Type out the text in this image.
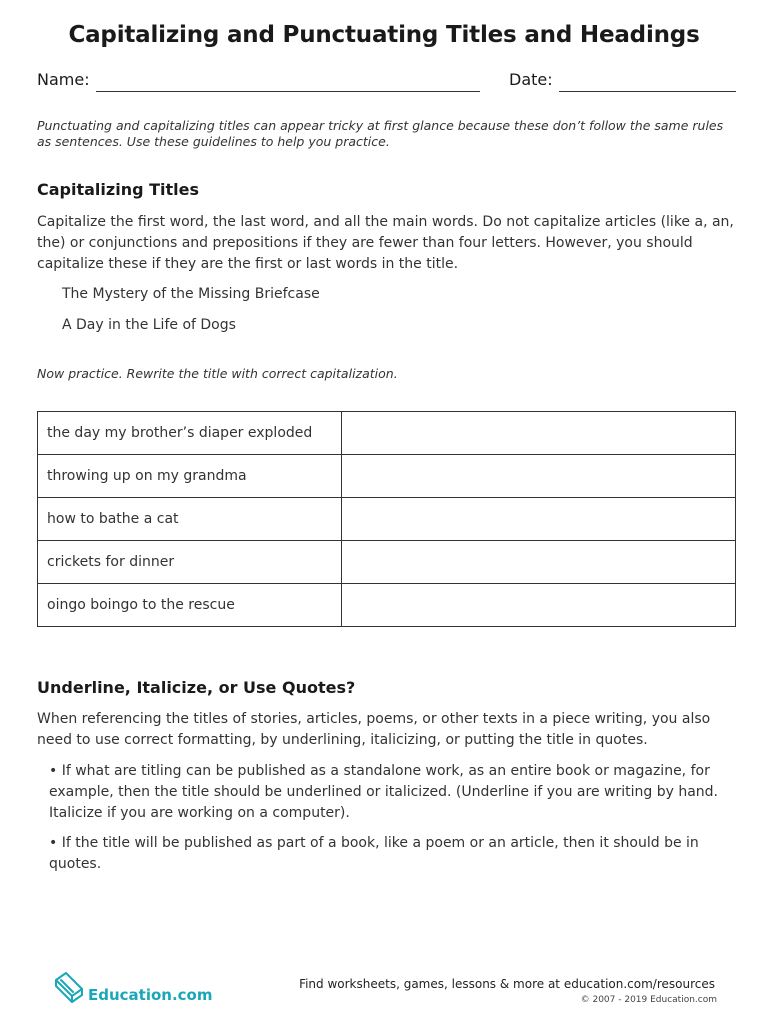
Capitalizing and Punctuating Titles and Headings
Name:	Date:

Punctuating and capitalizing titles can appear tricky at first glance because these don’t follow the same rules as sentences. Use these guidelines to help you practice.

Capitalizing Titles

Capitalize the first word, the last word, and all the main words. Do not capitalize articles (like a, an, the) or conjunctions and prepositions if they are fewer than four letters. However, you should capitalize these if they are the first or last words in the title.

The Mystery of the Missing Briefcase

A Day in the Life of Dogs

Now practice. Rewrite the title with correct capitalization.

the day my brother’s diaper exploded	
throwing up on my grandma	
how to bathe a cat	
crickets for dinner	
oingo boingo to the rescue	
Underline, Italicize, or Use Quotes?

When referencing the titles of stories, articles, poems, or other texts in a piece writing, you also need to use correct formatting, by underlining, italicizing, or putting the title in quotes.

• If what are titling can be published as a standalone work, as an entire book or magazine, for example, then the title should be underlined or italicized. (Underline if you are writing by hand. Italicize if you are working on a computer).

• If the title will be published as part of a book, like a poem or an article, then it should be in quotes.

Education.com
Find worksheets, games, lessons & more at education.com/resources
© 2007 - 2019 Education.com
